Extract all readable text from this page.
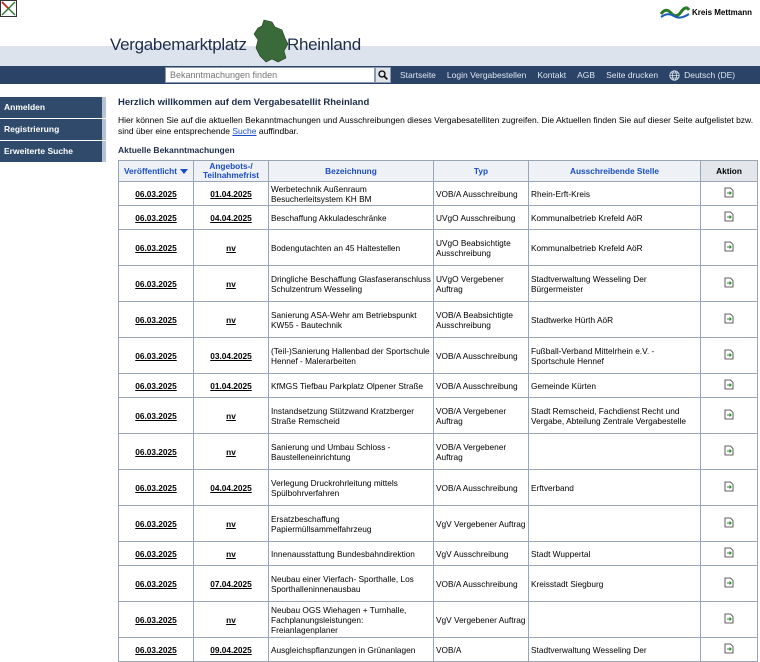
Kreis Mettmann
Vergabemarktplatz Rheinland
Bekanntmachungen finden
Startseite Login Vergabestellen Kontakt AGB Seite drucken	Deutsch (DE)
Anmelden
Registrierung
Erweiterte Suche
Herzlich willkommen auf dem Vergabesatellit Rheinland

Hier können Sie auf die aktuellen Bekanntmachungen und Ausschreibungen dieses Vergabesatelliten zugreifen. Die Aktuellen finden Sie auf dieser Seite aufgelistet bzw. sind über eine entsprechende Suche auffindbar.

Aktuelle Bekanntmachungen
Veröffentlicht	Angebots-/ Teilnahmefrist	Bezeichnung	Typ	Ausschreibende Stelle	Aktion
06.03.2025	01.04.2025	Werbetechnik Außenraum Besucherleitsystem KH BM	VOB/A Ausschreibung	Rhein-Erft-Kreis	
06.03.2025	04.04.2025	Beschaffung Akkuladeschränke	UVgO Ausschreibung	Kommunalbetrieb Krefeld AöR	
06.03.2025	nv	Bodengutachten an 45 Haltestellen	UVgO Beabsichtigte Ausschreibung	Kommunalbetrieb Krefeld AöR	
06.03.2025	nv	Dringliche Beschaffung Glasfaseranschluss Schulzentrum Wesseling	UVgO Vergebener Auftrag	Stadtverwaltung Wesseling Der Bürgermeister	
06.03.2025	nv	Sanierung ASA-Wehr am Betriebspunkt KW55 - Bautechnik	VOB/A Beabsichtigte Ausschreibung	Stadtwerke Hürth AöR	
06.03.2025	03.04.2025	(Teil-)Sanierung Hallenbad der Sportschule Hennef - Malerarbeiten	VOB/A Ausschreibung	Fußball-Verband Mittelrhein e.V. - Sportschule Hennef	
06.03.2025	01.04.2025	KfMGS Tiefbau Parkplatz Olpener Straße	VOB/A Ausschreibung	Gemeinde Kürten	
06.03.2025	nv	Instandsetzung Stützwand Kratzberger Straße Remscheid	VOB/A Vergebener Auftrag	Stadt Remscheid, Fachdienst Recht und Vergabe, Abteilung Zentrale Vergabestelle	
06.03.2025	nv	Sanierung und Umbau Schloss - Baustelleneinrichtung	VOB/A Vergebener Auftrag		
06.03.2025	04.04.2025	Verlegung Druckrohrleitung mittels Spülbohrverfahren	VOB/A Ausschreibung	Erftverband	
06.03.2025	nv	Ersatzbeschaffung Papiermüllsammelfahrzeug	VgV Vergebener Auftrag		
06.03.2025	nv	Innenausstattung Bundesbahndirektion	VgV Ausschreibung	Stadt Wuppertal	
06.03.2025	07.04.2025	Neubau einer Vierfach- Sporthalle, Los Sporthalleninnenausbau	VOB/A Ausschreibung	Kreisstadt Siegburg	
06.03.2025	nv	Neubau OGS Wiehagen + Turnhalle, Fachplanungsleistungen: Freianlagenplaner	VgV Vergebener Auftrag		
06.03.2025	09.04.2025	Ausgleichspflanzungen in Grünanlagen	VOB/A	Stadtverwaltung Wesseling Der	
